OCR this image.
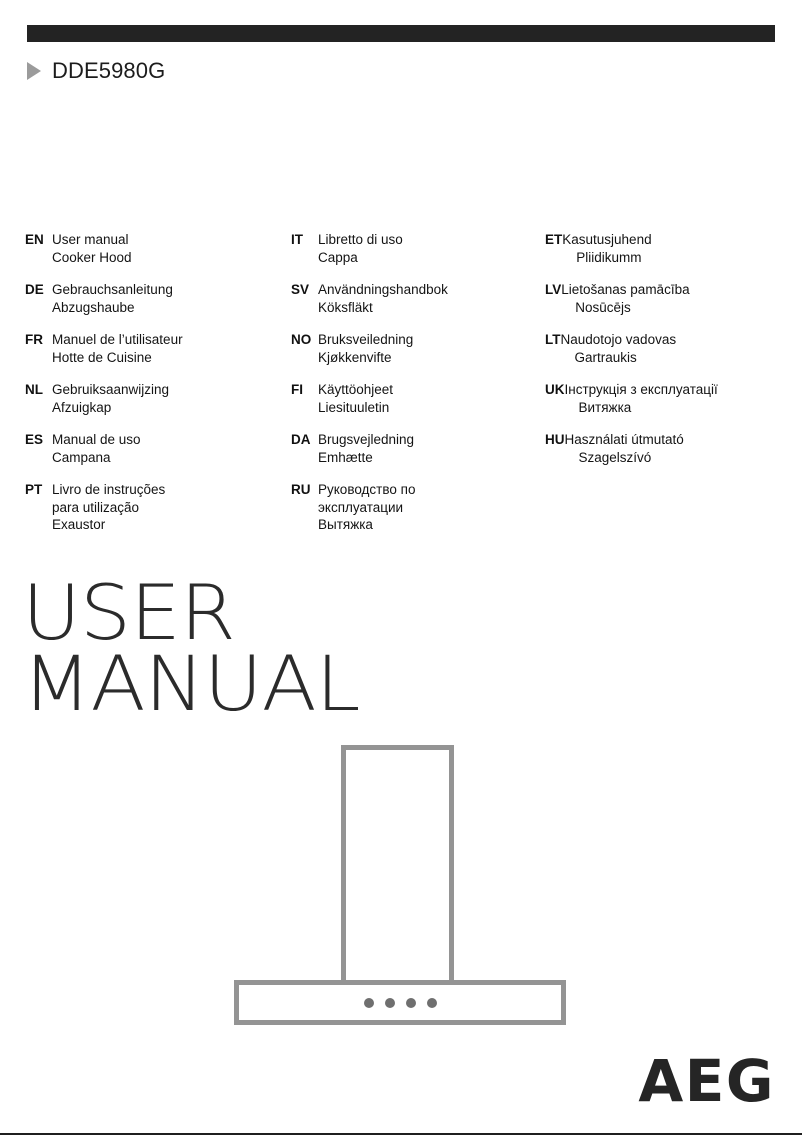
DDE5980G
EN User manual
Cooker Hood
DE Gebrauchsanleitung
Abzugshaube
FR Manuel de l’utilisateur
Hotte de Cuisine
NL Gebruiksaanwijzing
Afzuigkap
ES Manual de uso
Campana
PT Livro de instruções
para utilização
Exaustor
IT	Libretto di uso
Cappa
SV Användningshandbok
Köksfläkt
NO Bruksveiledning
Kjøkkenvifte
FI	Käyttöohjeet
Liesituuletin
DA Brugsvejledning
Emhætte
RU Руководство по
эксплуатации
Вытяжка
ET Kasutusjuhend
Pliidikumm
LV Lietošanas pamācība
Nosūcējs
LT Naudotojo vadovas
Gartraukis
UK Інструкція з експлуатації
Витяжка
HU Használati útmutató
Szagelszívó
USER
MANUAL
AEG
